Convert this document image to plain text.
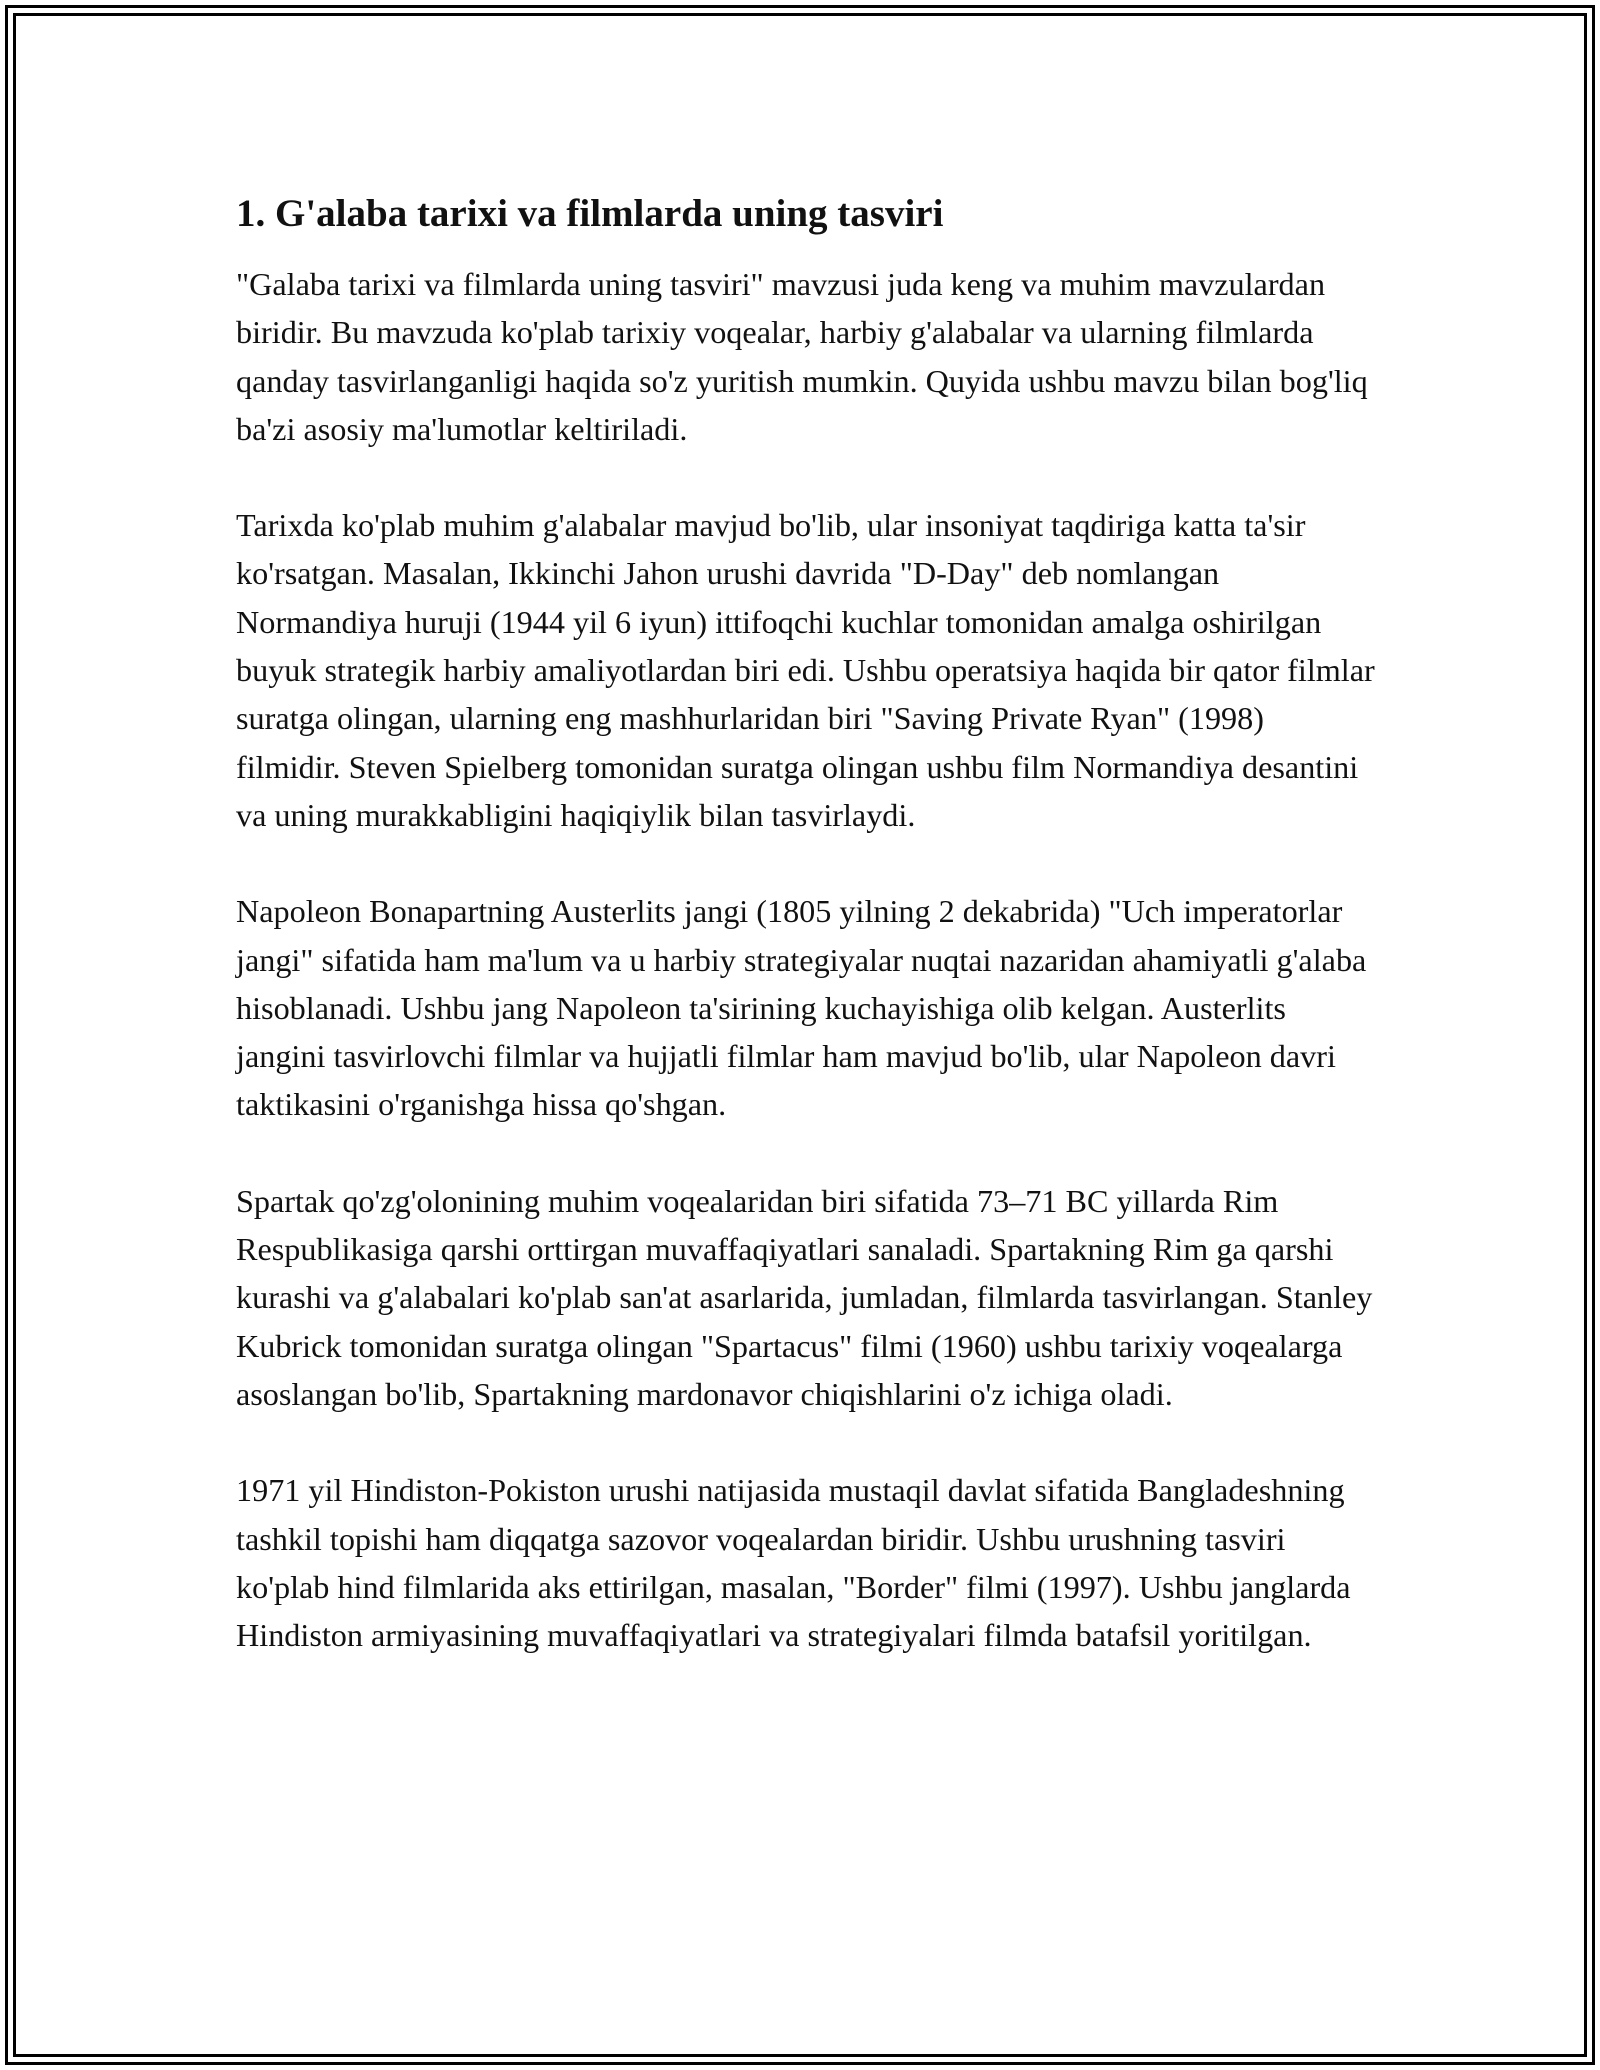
1. G'alaba tarixi va filmlarda uning tasviri

"Galaba tarixi va filmlarda uning tasviri" mavzusi juda keng va muhim mavzulardan biridir. Bu mavzuda ko'plab tarixiy voqealar, harbiy g'alabalar va ularning filmlarda qanday tasvirlanganligi haqida so'z yuritish mumkin. Quyida ushbu mavzu bilan bog'liq ba'zi asosiy ma'lumotlar keltiriladi.

Tarixda ko'plab muhim g'alabalar mavjud bo'lib, ular insoniyat taqdiriga katta ta'sir ko'rsatgan. Masalan, Ikkinchi Jahon urushi davrida "D-Day" deb nomlangan Normandiya huruji (1944 yil 6 iyun) ittifoqchi kuchlar tomonidan amalga oshirilgan buyuk strategik harbiy amaliyotlardan biri edi. Ushbu operatsiya haqida bir qator filmlar suratga olingan, ularning eng mashhurlaridan biri "Saving Private Ryan" (1998) filmidir. Steven Spielberg tomonidan suratga olingan ushbu film Normandiya desantini va uning murakkabligini haqiqiylik bilan tasvirlaydi.

Napoleon Bonapartning Austerlits jangi (1805 yilning 2 dekabrida) "Uch imperatorlar jangi" sifatida ham ma'lum va u harbiy strategiyalar nuqtai nazaridan ahamiyatli g'alaba hisoblanadi. Ushbu jang Napoleon ta'sirining kuchayishiga olib kelgan. Austerlits jangini tasvirlovchi filmlar va hujjatli filmlar ham mavjud bo'lib, ular Napoleon davri taktikasini o'rganishga hissa qo'shgan.

Spartak qo'zg'olonining muhim voqealaridan biri sifatida 73–71 BC yillarda Rim Respublikasiga qarshi orttirgan muvaffaqiyatlari sanaladi. Spartakning Rim ga qarshi kurashi va g'alabalari ko'plab san'at asarlarida, jumladan, filmlarda tasvirlangan. Stanley Kubrick tomonidan suratga olingan "Spartacus" filmi (1960) ushbu tarixiy voqealarga asoslangan bo'lib, Spartakning mardonavor chiqishlarini o'z ichiga oladi.

1971 yil Hindiston-Pokiston urushi natijasida mustaqil davlat sifatida Bangladeshning tashkil topishi ham diqqatga sazovor voqealardan biridir. Ushbu urushning tasviri ko'plab hind filmlarida aks ettirilgan, masalan, "Border" filmi (1997). Ushbu janglarda Hindiston armiyasining muvaffaqiyatlari va strategiyalari filmda batafsil yoritilgan.
